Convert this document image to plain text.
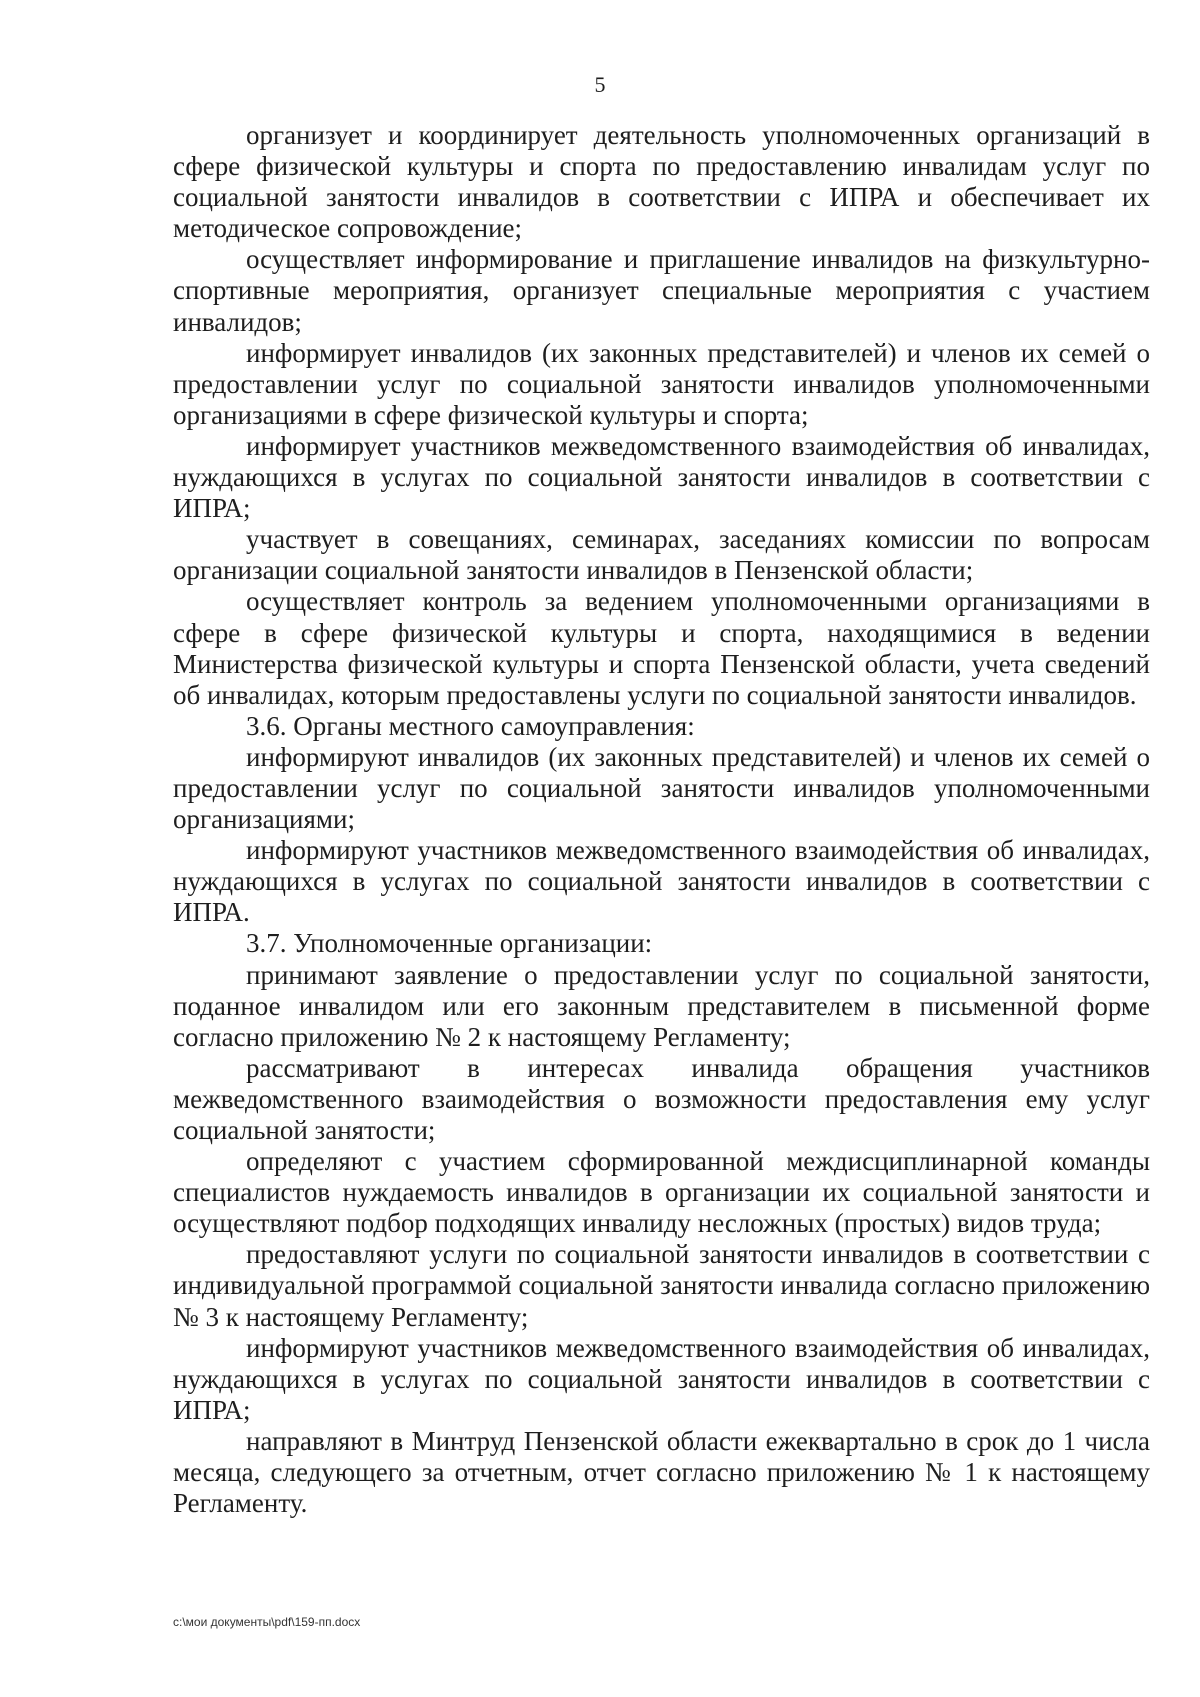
5

организует и координирует деятельность уполномоченных организаций в сфере физической культуры и спорта по предоставлению инвалидам услуг по социальной занятости инвалидов в соответствии с ИПРА и обеспечивает их методическое сопровождение;

осуществляет информирование и приглашение инвалидов на физкультурно-спортивные мероприятия, организует специальные мероприятия с участием инвалидов;

информирует инвалидов (их законных представителей) и членов их семей о предоставлении услуг по социальной занятости инвалидов уполномоченными организациями в сфере физической культуры и спорта;

информирует участников межведомственного взаимодействия об инвалидах, нуждающихся в услугах по социальной занятости инвалидов в соответствии с ИПРА;

участвует в совещаниях, семинарах, заседаниях комиссии по вопросам организации социальной занятости инвалидов в Пензенской области;

осуществляет контроль за ведением уполномоченными организациями в сфере в сфере физической культуры и спорта, находящимися в ведении Министерства физической культуры и спорта Пензенской области, учета сведений об инвалидах, которым предоставлены услуги по социальной занятости инвалидов.

3.6. Органы местного самоуправления:

информируют инвалидов (их законных представителей) и членов их семей о предоставлении услуг по социальной занятости инвалидов уполномоченными организациями;

информируют участников межведомственного взаимодействия об инвалидах, нуждающихся в услугах по социальной занятости инвалидов в соответствии с ИПРА.

3.7. Уполномоченные организации:

принимают заявление о предоставлении услуг по социальной занятости, поданное инвалидом или его законным представителем в письменной форме согласно приложению № 2 к настоящему Регламенту;

рассматривают в интересах инвалида обращения участников межведомственного взаимодействия о возможности предоставления ему услуг социальной занятости;

определяют с участием сформированной междисциплинарной команды специалистов нуждаемость инвалидов в организации их социальной занятости и осуществляют подбор подходящих инвалиду несложных (простых) видов труда;

предоставляют услуги по социальной занятости инвалидов в соответствии с индивидуальной программой социальной занятости инвалида согласно приложению № 3 к настоящему Регламенту;

информируют участников межведомственного взаимодействия об инвалидах, нуждающихся в услугах по социальной занятости инвалидов в соответствии с ИПРА;

направляют в Минтруд Пензенской области ежеквартально в срок до 1 числа месяца, следующего за отчетным, отчет согласно приложению № 1 к настоящему Регламенту.

c:\мои документы\pdf\159-пп.docx
